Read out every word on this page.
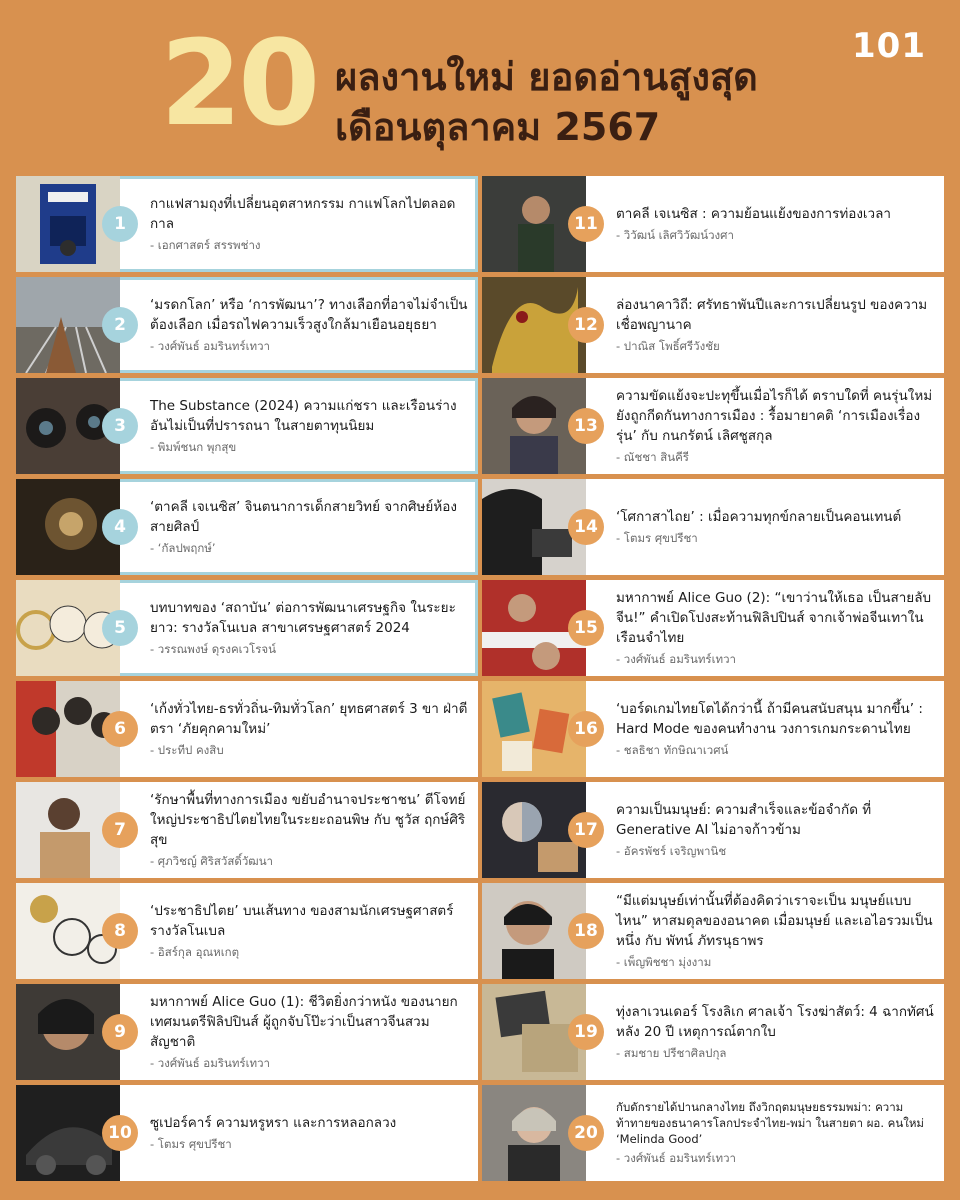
20 ผลงานใหม่ ยอดอ่านสูงสุด
เดือนตุลาคม 2567
101
1
กาแฟสามถุงที่เปลี่ยนอุตสาหกรรม กาแฟโลกไปตลอดกาล
- เอกศาสตร์ สรรพช่าง
2
‘มรดกโลก’ หรือ ‘การพัฒนา’? ทางเลือกที่อาจไม่จำเป็นต้องเลือก เมื่อรถไฟความเร็วสูงใกล้มาเยือนอยุธยา
- วงศ์พันธ์ อมรินทร์เทวา
3
The Substance (2024) ความแก่ชรา และเรือนร่างอันไม่เป็นที่ปรารถนา ในสายตาทุนนิยม
- พิมพ์ชนก พุกสุข
4
‘ตาคลี เจเนซิส’ จินตนาการเด็กสายวิทย์ จากศิษย์ห้องสายศิลป์
- ‘กัลปพฤกษ์’
5
บทบาทของ ‘สถาบัน’ ต่อการพัฒนาเศรษฐกิจ ในระยะยาว: รางวัลโนเบล สาขาเศรษฐศาสตร์ 2024
- วรรณพงษ์ ดุรงคเวโรจน์
6
‘เก้งทั่วไทย-ธรทั่วถิ่น-ทิมทั่วโลก’ ยุทธศาสตร์ 3 ขา ฝ่าตีตรา ‘ภัยคุกคามใหม่’
- ประทีป คงสิบ
7
‘รักษาพื้นที่ทางการเมือง ขยับอำนาจประชาชน’ ตีโจทย์ใหญ่ประชาธิปไตยไทยในระยะถอนพิษ กับ ชูวัส ฤกษ์ศิริสุข
- ศุภวิชญ์ ศิริสวัสดิ์วัฒนา
8
‘ประชาธิปไตย’ บนเส้นทาง ของสามนักเศรษฐศาสตร์รางวัลโนเบล
- อิสร์กุล อุณหเกตุ
9
มหากาพย์ Alice Guo (1): ชีวิตยิ่งกว่าหนัง ของนายกเทศมนตรีฟิลิปปินส์ ผู้ถูกจับโป๊ะว่าเป็นสาวจีนสวมสัญชาติ
- วงศ์พันธ์ อมรินทร์เทวา
10
ซูเปอร์คาร์ ความหรูหรา และการหลอกลวง
- โตมร ศุขปรีชา
11
ตาคลี เจเนซิส : ความย้อนแย้งของการท่องเวลา
- วิวัฒน์ เลิศวิวัฒน์วงศา
12
ล่องนาคาวิถี: ศรัทธาพันปีและการเปลี่ยนรูป ของความเชื่อพญานาค
- ปาณิส โพธิ์ศรีวังชัย
13
ความขัดแย้งจะปะทุขึ้นเมื่อไรก็ได้ ตราบใดที่ คนรุ่นใหม่ยังถูกกีดกันทางการเมือง : รื้อมายาคติ ‘การเมืองเรื่องรุ่น’ กับ กนกรัตน์ เลิศชูสกุล
- ณัชชา สินคีรี
14
‘โศกาสาไถย’ : เมื่อความทุกข์กลายเป็นคอนเทนต์
- โตมร ศุขปรีชา
15
มหากาพย์ Alice Guo (2): “เขาว่านให้เธอ เป็นสายลับจีน!” คำเปิดโปงสะท้านฟิลิปปินส์ จากเจ้าพ่อจีนเทาในเรือนจำไทย
- วงศ์พันธ์ อมรินทร์เทวา
16
‘บอร์ดเกมไทยโตได้กว่านี้ ถ้ามีคนสนับสนุน มากขึ้น’ : Hard Mode ของคนทำงาน วงการเกมกระดานไทย
- ชลธิชา ทักษิณาเวศน์
17
ความเป็นมนุษย์: ความสำเร็จและข้อจำกัด ที่ Generative AI ไม่อาจก้าวข้าม
- อัครพัชร์ เจริญพานิช
18
“มีแต่มนุษย์เท่านั้นที่ต้องคิดว่าเราจะเป็น มนุษย์แบบไหน” หาสมดุลของอนาคต เมื่อมนุษย์ และเอไอรวมเป็นหนึ่ง กับ พัทน์ ภัทรนุธาพร
- เพ็ญพิชชา มุ่งงาม
19
ทุ่งลาเวนเดอร์ โรงลิเก ศาลเจ้า โรงฆ่าสัตว์: 4 ฉากทัศน์หลัง 20 ปี เหตุการณ์ตากใบ
- สมชาย ปรีชาศิลปกุล
20
กับดักรายได้ปานกลางไทย ถึงวิกฤตมนุษยธรรมพม่า: ความท้าทายของธนาคารโลกประจำไทย-พม่า ในสายตา ผอ. คนใหม่ ‘Melinda Good’
- วงศ์พันธ์ อมรินทร์เทวา
